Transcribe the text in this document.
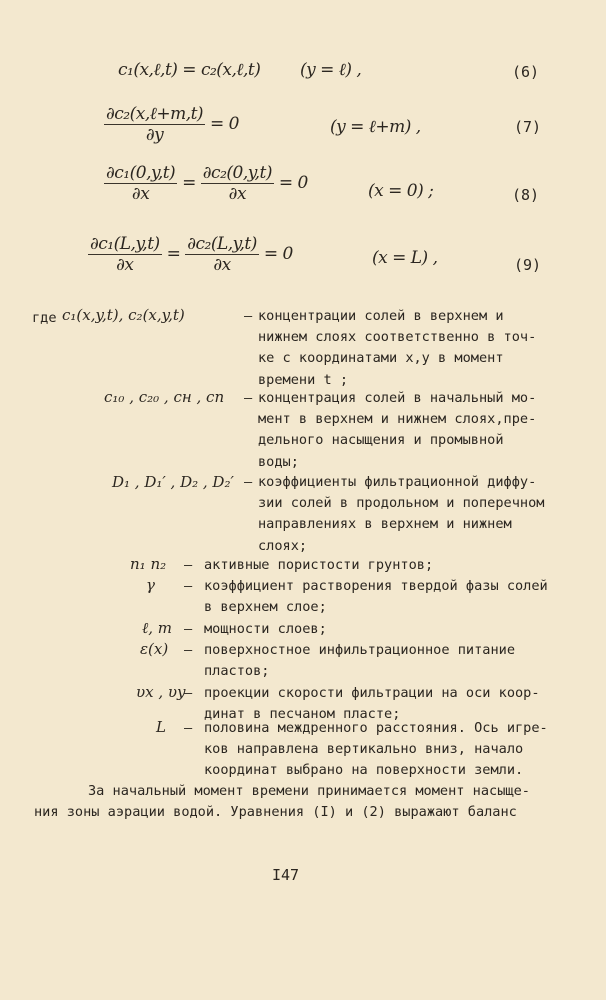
c₁(x,ℓ,t) = c₂(x,ℓ,t) (y = ℓ) ,	(6)
∂c₂(x,ℓ+m,t)
∂y
= 0	(y = ℓ+m) ,	(7)
$\frac{\text{∂c₁(0,y,t)}}{\partial x} = \frac{\text{∂c₂(0,y,t)}}{\partial x} = 0$	(x = 0) ;	(8)
$\frac{\text{∂c₁(L,y,t)}}{\partial x} = \frac{\text{∂c₂(L,y,t)}}{\partial x} = 0$	(x = L) ,	(9)
где c₁(x,y,t), c₂(x,y,t)	– концентрации солей в верхнем и
нижнем слоях соответственно в точ-
ке с координатами x,y в момент
времени t ;
c₁₀ , c₂₀ , cн , cп – концентрация солей в начальный мо-
мент в верхнем и нижнем слоях,пре-
дельного насыщения и промывной
воды;
D₁ , D₁′ , D₂ , D₂′ – коэффициенты фильтрационной диффу-
зии солей в продольном и поперечном
направлениях в верхнем и нижнем
слоях;
n₁ n₂ – активные пористости грунтов;
γ – коэффициент растворения твердой фазы солей
в верхнем слое;
ℓ, m – мощности слоев;
ε(x) – поверхностное инфильтрационное питание
пластов;
υx , υy
– проекции скорости фильтрации на оси коор-
динат в песчаном пласте;
L – половина междренного расстояния. Ось игре-
ков направлена вертикально вниз, начало
координат выбрано на поверхности земли.
За начальный момент времени принимается момент насыще-
ния зоны аэрации водой. Уравнения (I) и (2) выражают баланс
I47
